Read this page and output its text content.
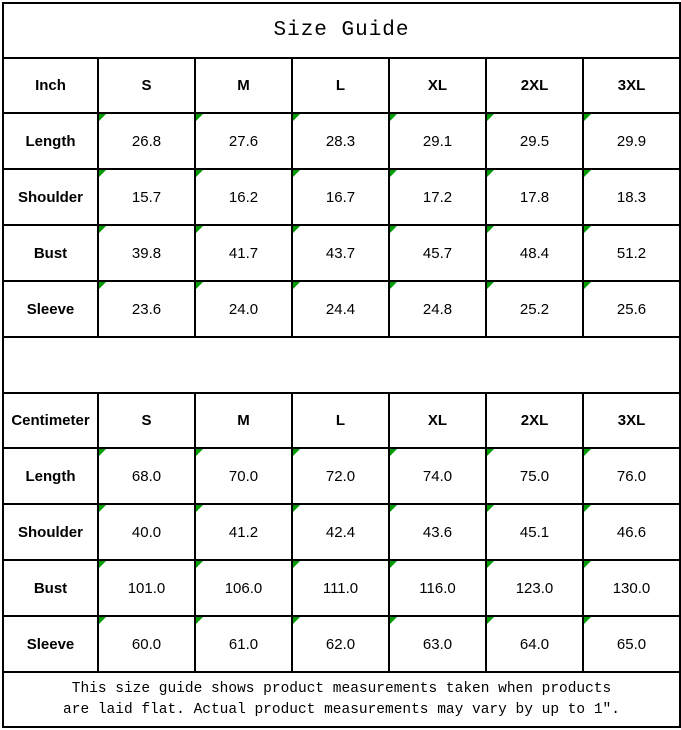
Size Guide						
Inch	S	M	L	XL	2XL	3XL
Length	26.8	27.6	28.3	29.1	29.5	29.9
Shoulder	15.7	16.2	16.7	17.2	17.8	18.3
Bust	39.8	41.7	43.7	45.7	48.4	51.2
Sleeve	23.6	24.0	24.4	24.8	25.2	25.6

Centimeter	S	M	L	XL	2XL	3XL
Length	68.0	70.0	72.0	74.0	75.0	76.0
Shoulder	40.0	41.2	42.4	43.6	45.1	46.6
Bust	101.0	106.0	111.0	116.0	123.0	130.0
Sleeve	60.0	61.0	62.0	63.0	64.0	65.0

This size guide shows product measurements taken when products
are laid flat. Actual product measurements may vary by up to 1″.						
